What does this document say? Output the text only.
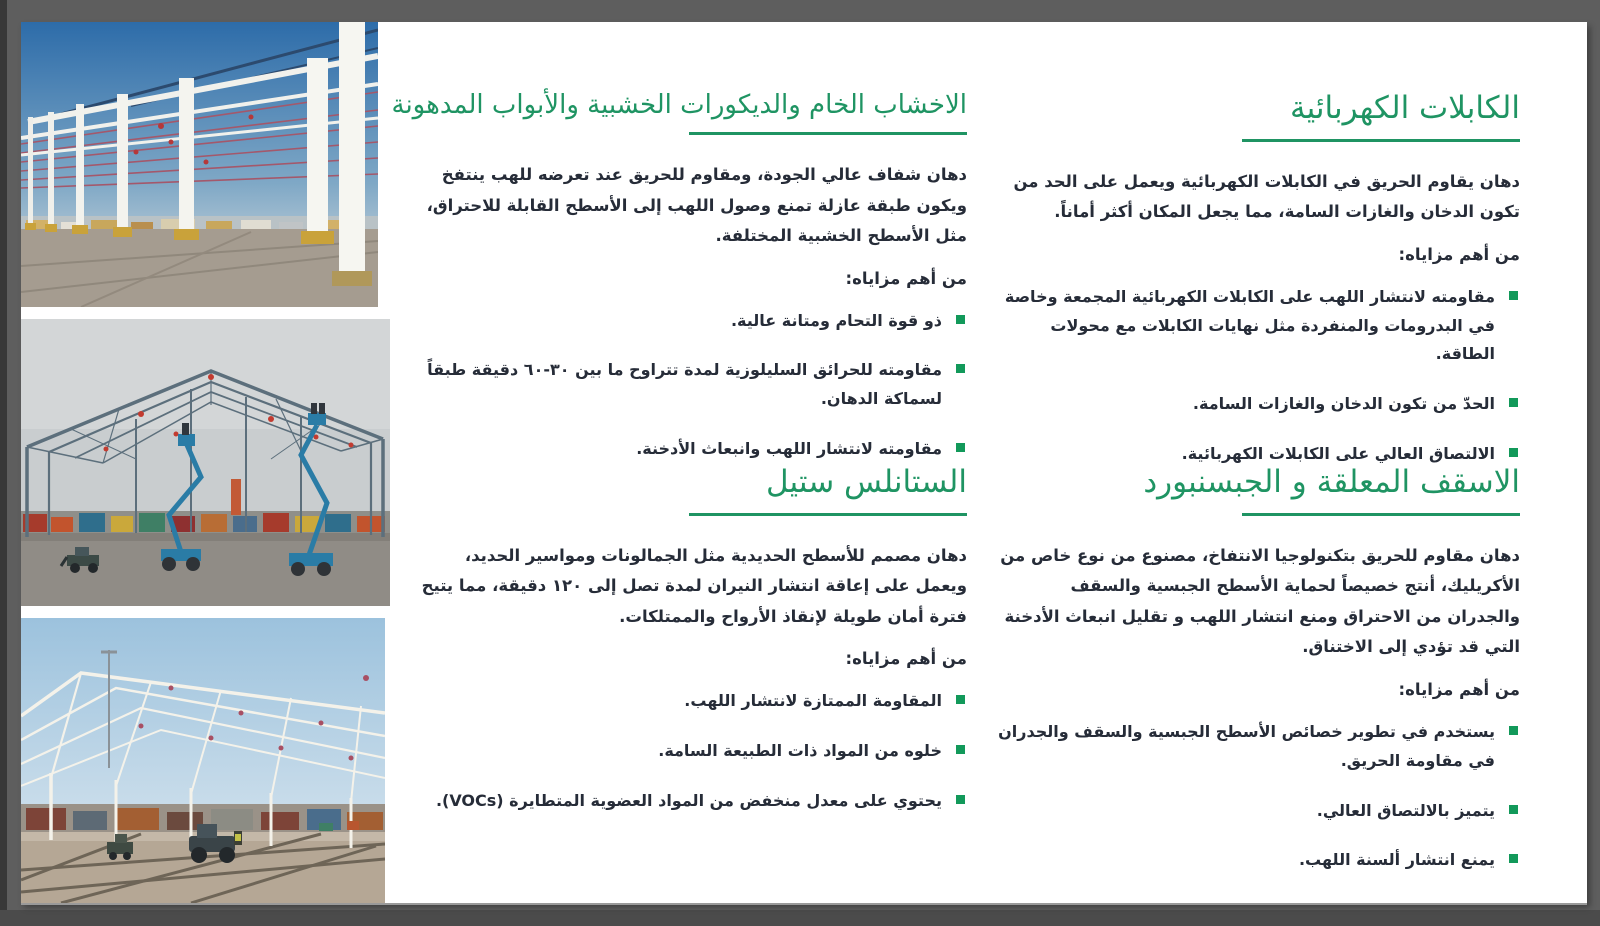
الكابلات الكهربائية

دهان يقاوم الحريق في الكابلات الكهربائية ويعمل على الحد من تكون الدخان والغازات السامة، مما يجعل المكان أكثر أماناً.

من أهم مزاياه:

مقاومته لانتشار اللهب على الكابلات الكهربائية المجمعة وخاصة في البدرومات والمنفردة مثل نهايات الكابلات مع محولات الطاقة.
الحدّ من تكون الدخان والغازات السامة.
الالتصاق العالي على الكابلات الكهربائية.
الاخشاب الخام والديكورات الخشبية والأبواب المدهونة

دهان شفاف عالي الجودة، ومقاوم للحريق عند تعرضه للهب ينتفخ ويكون طبقة عازلة تمنع وصول اللهب إلى الأسطح القابلة للاحتراق، مثل الأسطح الخشبية المختلفة.

من أهم مزاياه:

ذو قوة التحام ومتانة عالية.
مقاومته للحرائق السليلوزية لمدة تتراوح ما بين ٣٠-٦٠ دقيقة طبقاً لسماكة الدهان.
مقاومته لانتشار اللهب وانبعاث الأدخنة.
الاسقف المعلقة و الجبسنبورد

دهان مقاوم للحريق بتكنولوجيا الانتفاخ، مصنوع من نوع خاص من الأكريليك، أنتج خصيصاً لحماية الأسطح الجبسية والسقف والجدران من الاحتراق ومنع انتشار اللهب و تقليل انبعاث الأدخنة التي قد تؤدي إلى الاختناق.

من أهم مزاياه:

يستخدم في تطوير خصائص الأسطح الجبسية والسقف والجدران في مقاومة الحريق.
يتميز بالالتصاق العالي.
يمنع انتشار ألسنة اللهب.
الستانلس ستيل

دهان مصمم للأسطح الحديدية مثل الجمالونات ومواسير الحديد، ويعمل على إعاقة انتشار النيران لمدة تصل إلى ١٢٠ دقيقة، مما يتيح فترة أمان طويلة لإنقاذ الأرواح والممتلكات.

من أهم مزاياه:

المقاومة الممتازة لانتشار اللهب.
خلوه من المواد ذات الطبيعة السامة.
يحتوي على معدل منخفض من المواد العضوية المتطايرة (VOCs).
